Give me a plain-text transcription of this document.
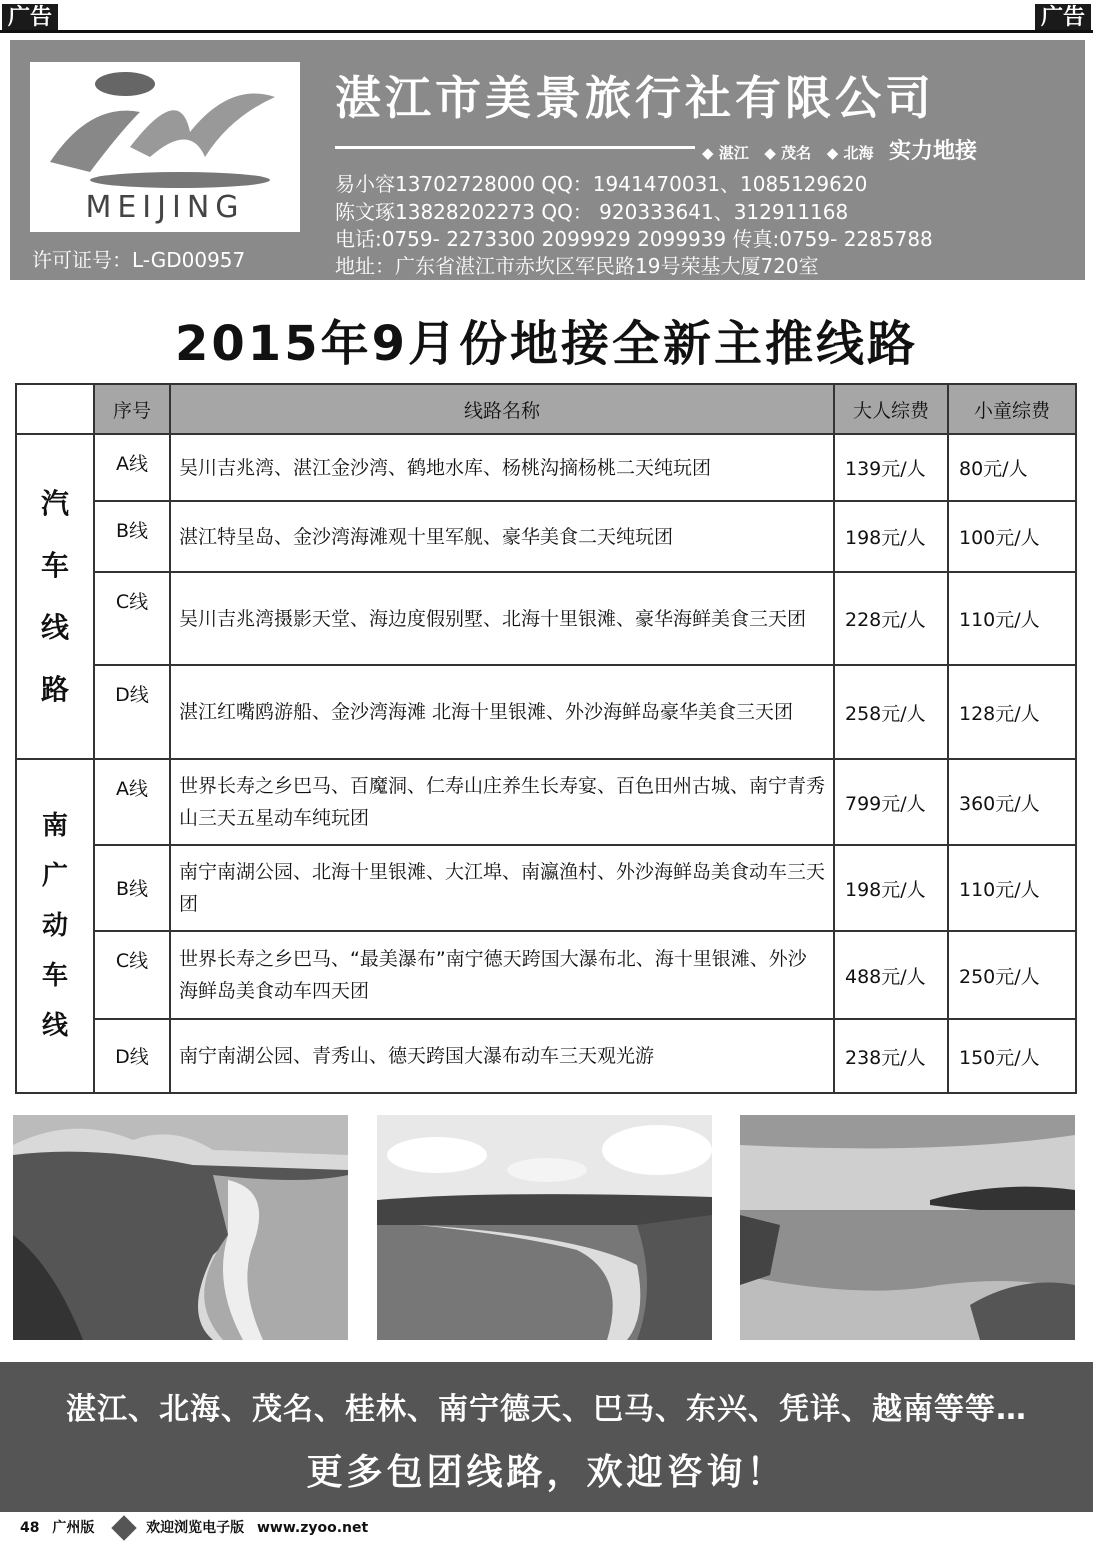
广告	广告
MEIJING
许可证号：L-GD00957
湛江市美景旅行社有限公司
◆ 湛江 ◆ 茂名 ◆ 北海 实力地接
易小容13702728000 QQ：1941470031、1085129620
陈文琢13828202273 QQ： 920333641、312911168
电话:0759- 2273300 2099929 2099939 传真:0759- 2285788
地址：广东省湛江市赤坎区军民路19号荣基大厦720室
2015年9月份地接全新主推线路
	序号	线路名称	大人综费	小童综费

汽车线路	A线	吴川吉兆湾、湛江金沙湾、鹤地水库、杨桃沟摘杨桃二天纯玩团	139元/人	80元/人
	B线	湛江特呈岛、金沙湾海滩观十里军舰、豪华美食二天纯玩团	198元/人	100元/人
	C线	吴川吉兆湾摄影天堂、海边度假别墅、北海十里银滩、豪华海鲜美食三天团	228元/人	110元/人
	D线	湛江红嘴鸥游船、金沙湾海滩 北海十里银滩、外沙海鲜岛豪华美食三天团	258元/人	128元/人

南广动车线	A线	世界长寿之乡巴马、百魔洞、仁寿山庄养生长寿宴、百色田州古城、南宁青秀山三天五星动车纯玩团	799元/人	360元/人
	B线	南宁南湖公园、北海十里银滩、大江埠、南瀛渔村、外沙海鲜岛美食动车三天团	198元/人	110元/人
	C线	世界长寿之乡巴马、“最美瀑布”南宁德天跨国大瀑布北、海十里银滩、外沙海鲜岛美食动车四天团	488元/人	250元/人
	D线	南宁南湖公园、青秀山、德天跨国大瀑布动车三天观光游	238元/人	150元/人
湛江、北海、茂名、桂林、南宁德天、巴马、东兴、凭详、越南等等…
更多包团线路，欢迎咨询！
48 广州版	欢迎浏览电子版 www.zyoo.net
